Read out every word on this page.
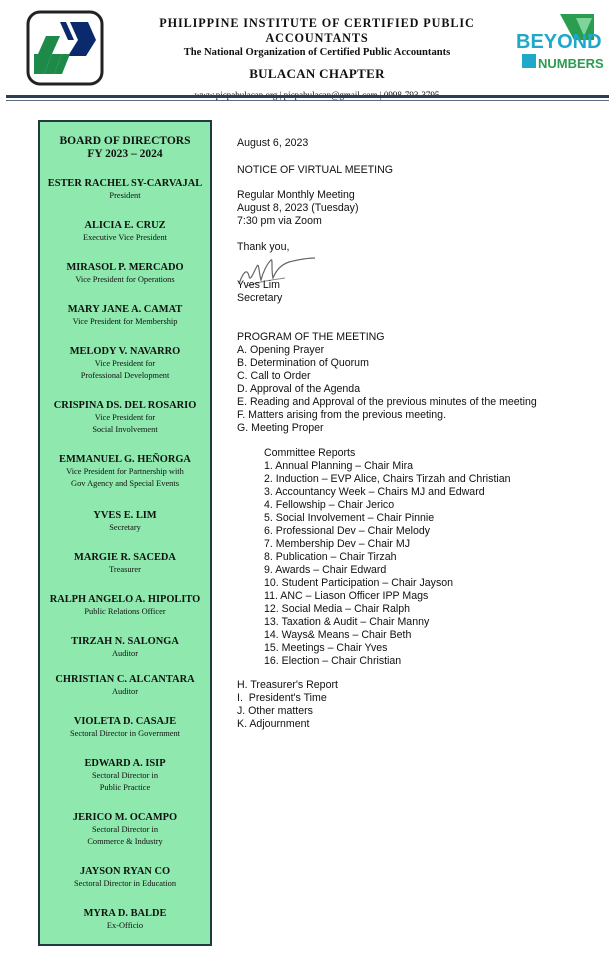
PHILIPPINE INSTITUTE OF CERTIFIED PUBLIC ACCOUNTANTS
The National Organization of Certified Public Accountants
BULACAN CHAPTER
BEYOND
NUMBERS
BOARD OF DIRECTORS
FY 2023 – 2024
ESTER RACHEL SY-CARVAJAL
President
ALICIA E. CRUZ
Executive Vice President
MIRASOL P. MERCADO
Vice President for Operations
MARY JANE A. CAMAT
Vice President for Membership
MELODY V. NAVARRO
Vice President for
Professional Development
CRISPINA DS. DEL ROSARIO
Vice President for
Social Involvement
EMMANUEL G. HEÑORGA
Vice President for Partnership with
Gov Agency and Special Events
YVES E. LIM
Secretary
MARGIE R. SACEDA
Treasurer
RALPH ANGELO A. HIPOLITO
Public Relations Officer
TIRZAH N. SALONGA
Auditor
CHRISTIAN C. ALCANTARA
Auditor
VIOLETA D. CASAJE
Sectoral Director in Government
EDWARD A. ISIP
Sectoral Director in
Public Practice
JERICO M. OCAMPO
Sectoral Director in
Commerce & Industry
JAYSON RYAN CO
Sectoral Director in Education
MYRA D. BALDE
Ex-Officio
August 6, 2023
NOTICE OF VIRTUAL MEETING
Regular Monthly Meeting
August 8, 2023 (Tuesday)
7:30 pm via Zoom
Thank you,
Yves Lim
Secretary
PROGRAM OF THE MEETING
A. Opening Prayer
B. Determination of Quorum
C. Call to Order
D. Approval of the Agenda
E. Reading and Approval of the previous minutes of the meeting
F. Matters arising from the previous meeting.
G. Meeting Proper
Committee Reports
1. Annual Planning – Chair Mira
2. Induction – EVP Alice, Chairs Tirzah and Christian
3. Accountancy Week – Chairs MJ and Edward
4. Fellowship – Chair Jerico
5. Social Involvement – Chair Pinnie
6. Professional Dev – Chair Melody
7. Membership Dev – Chair MJ
8. Publication – Chair Tirzah
9. Awards – Chair Edward
10. Student Participation – Chair Jayson
11. ANC – Liason Officer IPP Mags
12. Social Media – Chair Ralph
13. Taxation & Audit – Chair Manny
14. Ways& Means – Chair Beth
15. Meetings – Chair Yves
16. Election – Chair Christian
H. Treasurer's Report
I.  President's Time
J. Other matters
K. Adjournment
